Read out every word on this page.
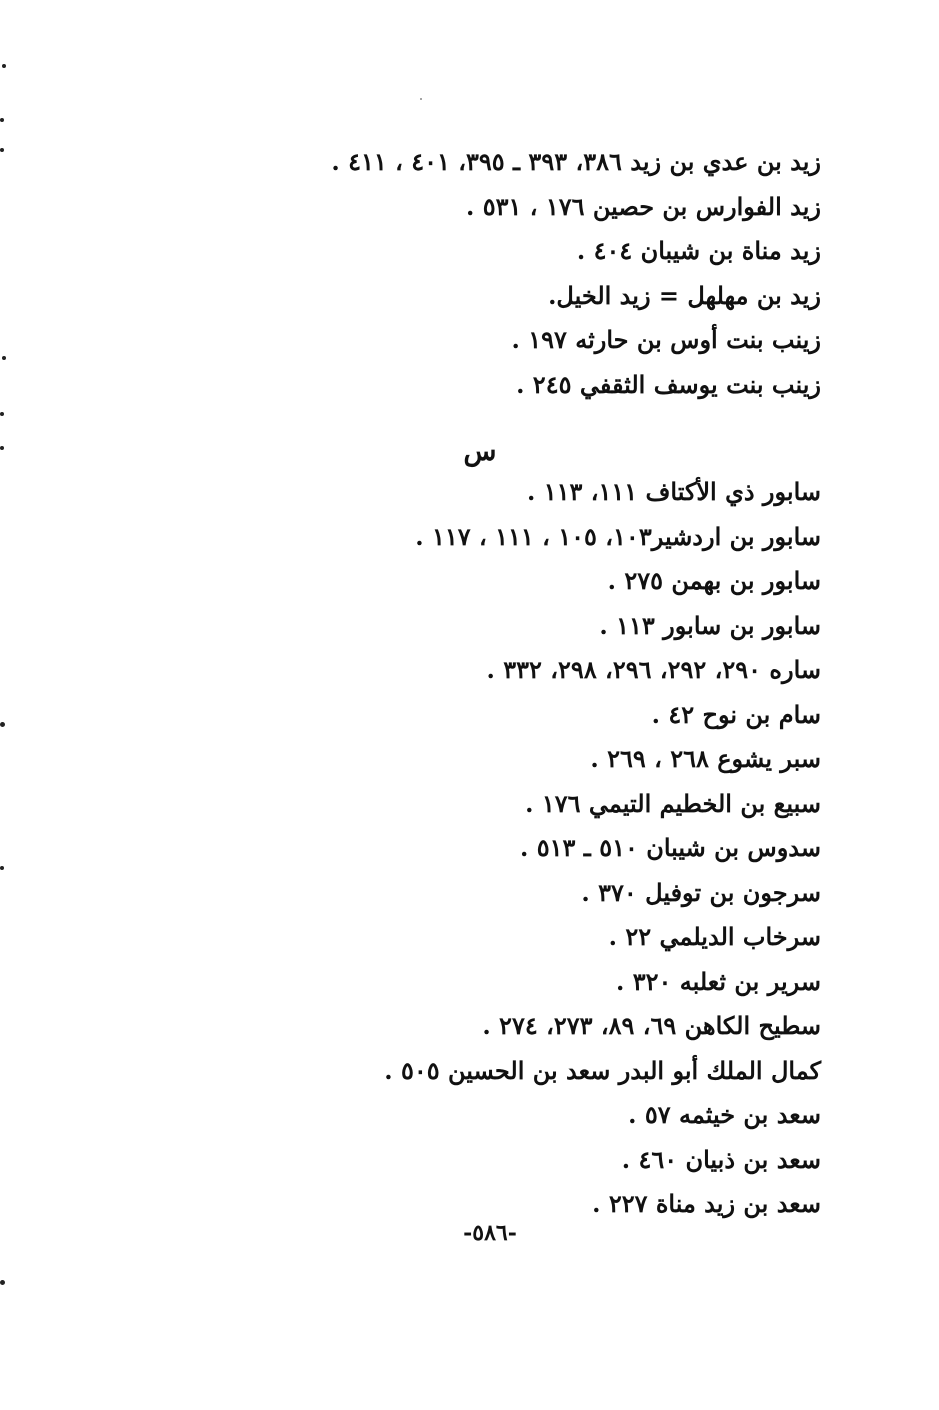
زيد بن عدي بن زيد ٣٨٦، ٣٩٣ ـ ٣٩٥، ٤٠١ ، ٤١١ .
زيد الفوارس بن حصين ١٧٦ ، ٥٣١ .
زيد مناة بن شيبان ٤٠٤ .
زيد بن مهلهل = زيد الخيل.
زينب بنت أوس بن حارثه ١٩٧ .
زينب بنت يوسف الثقفي ٢٤٥ .
س
سابور ذي الأكتاف ١١١، ١١٣ .
سابور بن اردشير١٠٣، ١٠٥ ، ١١١ ، ١١٧ .
سابور بن بهمن ٢٧٥ .
سابور بن سابور ١١٣ .
ساره ٢٩٠، ٢٩٢، ٢٩٦، ٢٩٨، ٣٣٢ .
سام بن نوح ٤٢ .
سبر يشوع ٢٦٨ ، ٢٦٩ .
سبيع بن الخطيم التيمي ١٧٦ .
سدوس بن شيبان ٥١٠ ـ ٥١٣ .
سرجون بن توفيل ٣٧٠ .
سرخاب الديلمي ٢٢ .
سرير بن ثعلبه ٣٢٠ .
سطيح الكاهن ٦٩، ٨٩، ٢٧٣، ٢٧٤ .
كمال الملك أبو البدر سعد بن الحسين ٥٠٥ .
سعد بن خيثمه ٥٧ .
سعد بن ذبيان ٤٦٠ .
سعد بن زيد مناة ٢٢٧ .
-٥٨٦-
